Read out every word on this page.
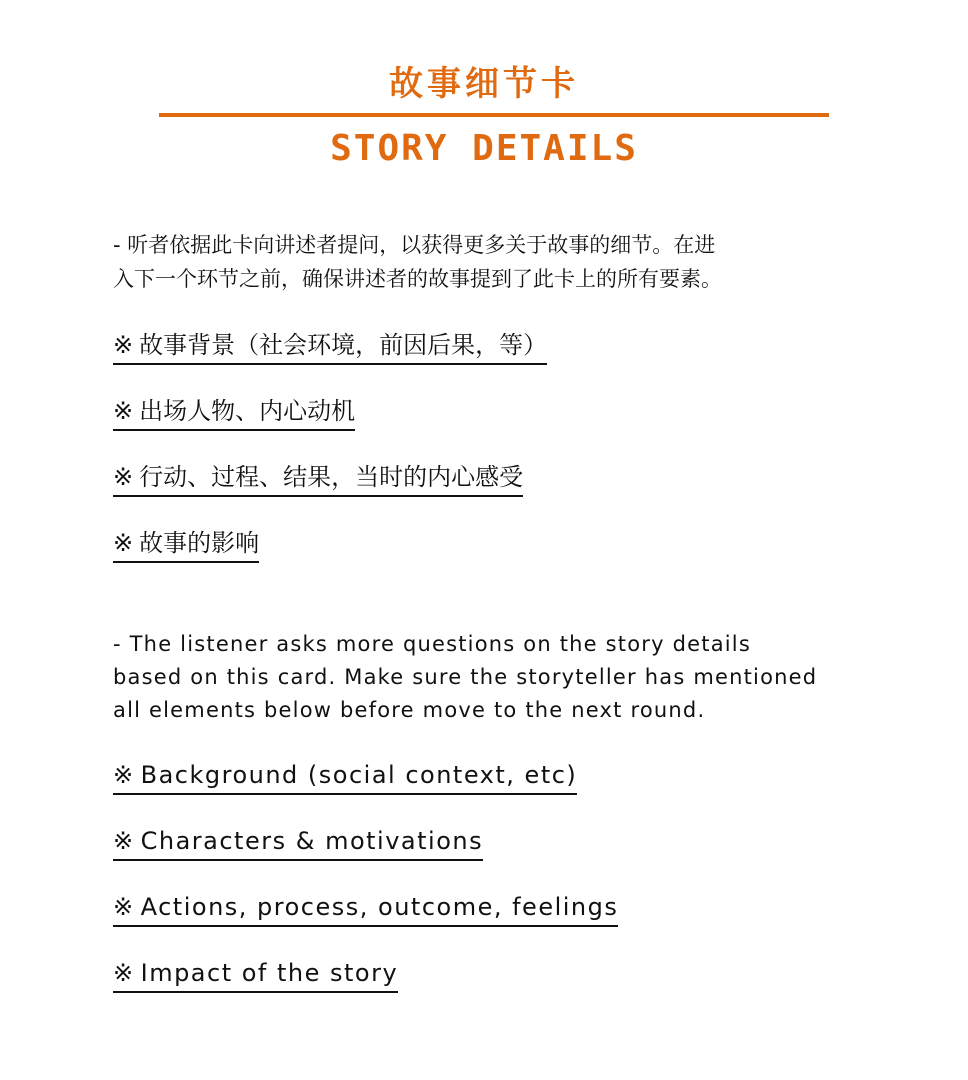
故事细节卡
STORY DETAILS

- 听者依据此卡向讲述者提问，以获得更多关于故事的细节。在进

入下一个环节之前，确保讲述者的故事提到了此卡上的所有要素。

※ 故事背景（社会环境，前因后果，等）
※ 出场人物、内心动机
※ 行动、过程、结果，当时的内心感受
※ 故事的影响

- The listener asks more questions on the story details

based on this card. Make sure the storyteller has mentioned

all elements below before move to the next round.

※ Background (social context, etc)
※ Characters & motivations
※ Actions, process, outcome, feelings
※ Impact of the story
